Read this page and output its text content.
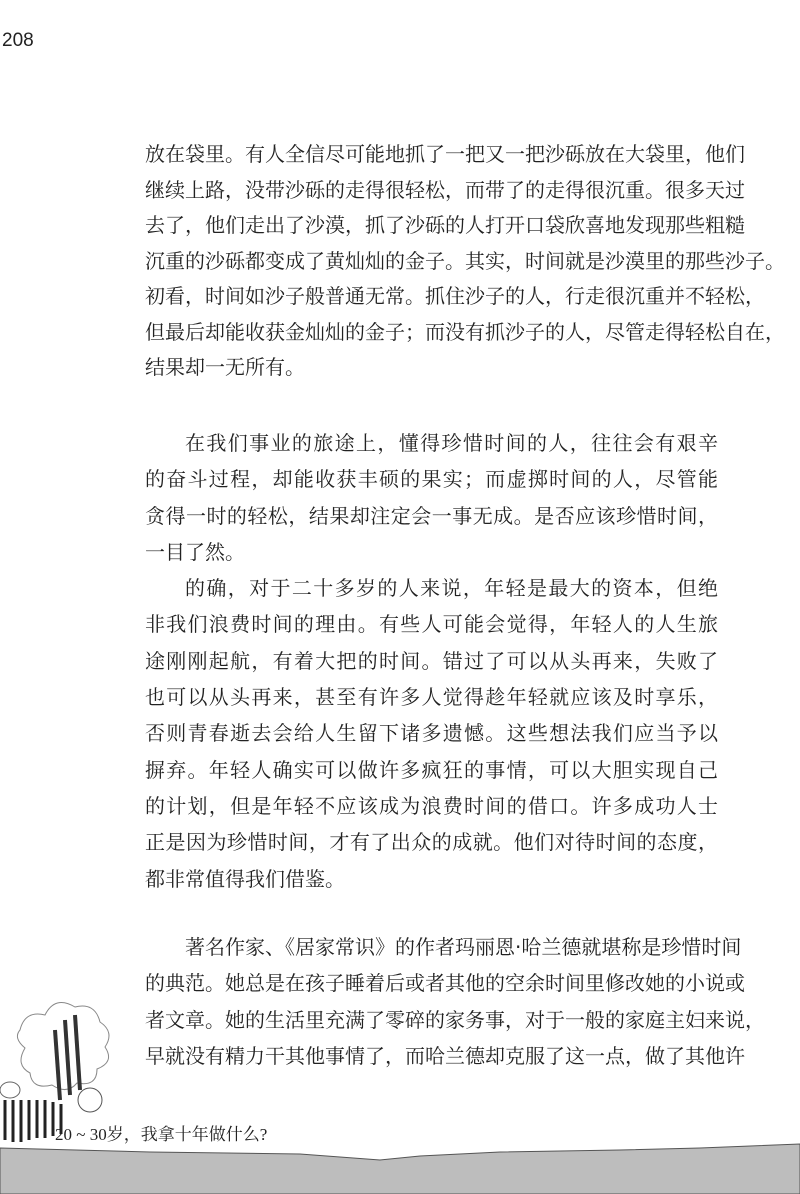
208
放在袋里。有人全信尽可能地抓了一把又一把沙砾放在大袋里，他们
继续上路，没带沙砾的走得很轻松，而带了的走得很沉重。很多天过
去了，他们走出了沙漠，抓了沙砾的人打开口袋欣喜地发现那些粗糙
沉重的沙砾都变成了黄灿灿的金子。其实，时间就是沙漠里的那些沙子。
初看，时间如沙子般普通无常。抓住沙子的人，行走很沉重并不轻松，
但最后却能收获金灿灿的金子；而没有抓沙子的人，尽管走得轻松自在，
结果却一无所有。
在我们事业的旅途上，懂得珍惜时间的人，往往会有艰辛
的奋斗过程，却能收获丰硕的果实；而虚掷时间的人，尽管能
贪得一时的轻松，结果却注定会一事无成。是否应该珍惜时间，
一目了然。
的确，对于二十多岁的人来说，年轻是最大的资本，但绝
非我们浪费时间的理由。有些人可能会觉得，年轻人的人生旅
途刚刚起航，有着大把的时间。错过了可以从头再来，失败了
也可以从头再来，甚至有许多人觉得趁年轻就应该及时享乐，
否则青春逝去会给人生留下诸多遗憾。这些想法我们应当予以
摒弃。年轻人确实可以做许多疯狂的事情，可以大胆实现自己
的计划，但是年轻不应该成为浪费时间的借口。许多成功人士
正是因为珍惜时间，才有了出众的成就。他们对待时间的态度，
都非常值得我们借鉴。
著名作家、《居家常识》的作者玛丽恩·哈兰德就堪称是珍惜时间
的典范。她总是在孩子睡着后或者其他的空余时间里修改她的小说或
者文章。她的生活里充满了零碎的家务事，对于一般的家庭主妇来说，
早就没有精力干其他事情了，而哈兰德却克服了这一点，做了其他许
20 ~ 30岁，我拿十年做什么?
